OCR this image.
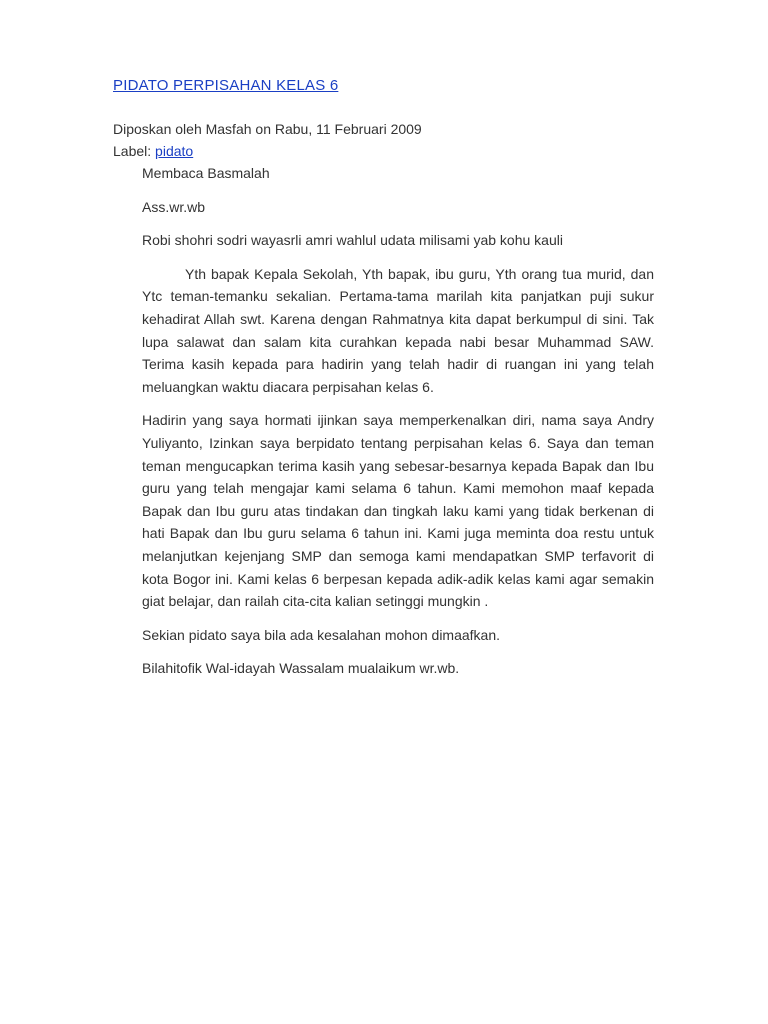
PIDATO PERPISAHAN KELAS 6
Diposkan oleh Masfah on Rabu, 11 Februari 2009
Label: pidato

Membaca Basmalah

Ass.wr.wb

Robi shohri sodri wayasrli amri wahlul udata milisami yab kohu kauli

Yth bapak Kepala Sekolah, Yth bapak, ibu guru, Yth orang tua murid, dan Ytc teman-temanku sekalian. Pertama-tama marilah kita panjatkan puji sukur kehadirat Allah swt. Karena dengan Rahmatnya kita dapat berkumpul di sini. Tak lupa salawat dan salam kita curahkan kepada nabi besar Muhammad SAW. Terima kasih kepada para hadirin yang telah hadir di ruangan ini yang telah meluangkan waktu diacara perpisahan kelas 6.

Hadirin yang saya hormati ijinkan saya memperkenalkan diri, nama saya Andry Yuliyanto, Izinkan saya berpidato tentang perpisahan kelas 6. Saya dan teman teman mengucapkan terima kasih yang sebesar-besarnya kepada Bapak dan Ibu guru yang telah mengajar kami selama 6 tahun. Kami memohon maaf kepada Bapak dan Ibu guru atas tindakan dan tingkah laku kami yang tidak berkenan di hati Bapak dan Ibu guru selama 6 tahun ini. Kami juga meminta doa restu untuk melanjutkan kejenjang SMP dan semoga kami mendapatkan SMP terfavorit di kota Bogor ini. Kami kelas 6 berpesan kepada adik-adik kelas kami agar semakin giat belajar, dan railah cita-cita kalian setinggi mungkin .

Sekian pidato saya bila ada kesalahan mohon dimaafkan.

Bilahitofik Wal-idayah Wassalam mualaikum wr.wb.
